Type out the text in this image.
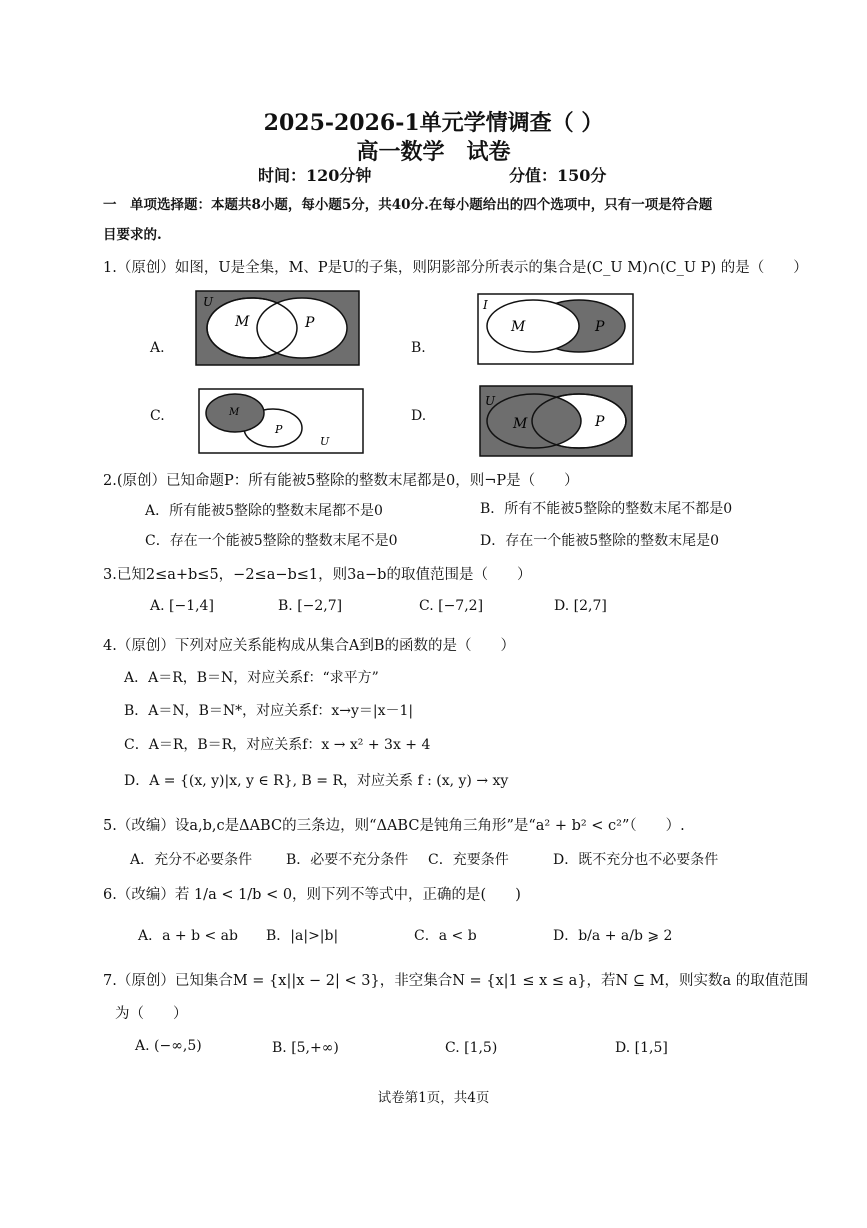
2025-2026-1单元学情调查（ ）
高一数学　试卷
时间：120分钟	分值：150分
一　单项选择题：本题共8小题，每小题5分，共40分.在每小题给出的四个选项中，只有一项是符合题
目要求的.
1.（原创）如图，U是全集，M、P是U的子集，则阴影部分所表示的集合是(C_U M)∩(C_U P) 的是（　　）
A.	B.
C.	D.
U
M	P
I
M	P
M
P
U
U
M	P
2.(原创）已知命题P：所有能被5整除的整数末尾都是0，则¬P是（　　）
A．所有能被5整除的整数末尾都不是0	B．所有不能被5整除的整数末尾不都是0
C．存在一个能被5整除的整数末尾不是0	D．存在一个能被5整除的整数末尾是0
3.已知2≤a+b≤5，−2≤a−b≤1，则3a−b的取值范围是（　　）
A. [−1,4]	B. [−2,7]	C. [−7,2]	D. [2,7]
4.（原创）下列对应关系能构成从集合A到B的函数的是（　　）
A．A＝R，B＝N，对应关系f：“求平方”
B．A＝N，B＝N*，对应关系f：x→y＝|x－1|
C．A＝R，B＝R，对应关系f：x → x² + 3x + 4
D．A = {(x, y)|x, y ∈ R}, B = R，对应关系 f : (x, y) → xy
5.（改编）设a,b,c是ΔABC的三条边，则“ΔABC是钝角三角形”是“a² + b² < c²”（　　）.
A．充分不必要条件 B．必要不充分条件 C．充要条件	D．既不充分也不必要条件
6.（改编）若 1/a < 1/b < 0，则下列不等式中，正确的是(　　)
A．a + b < ab B．|a|>|b|	C．a < b	D．b/a + a/b ⩾ 2
7.（原创）已知集合M = {x||x − 2| < 3}，非空集合N = {x|1 ≤ x ≤ a}，若N ⊆ M，则实数a 的取值范围
为（　　）
A. (−∞,5)	B. [5,+∞)	C. [1,5)	D. [1,5]
试卷第1页，共4页
